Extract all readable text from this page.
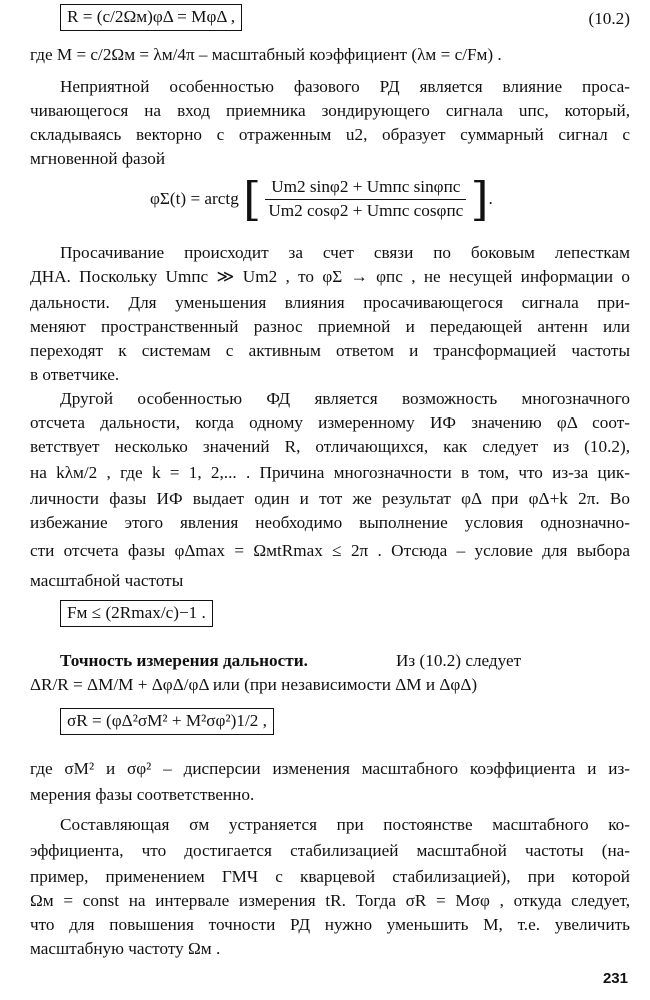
R = (c/2Ωм)φΔ = MφΔ ,	(10.2)
где M = c/2Ωм = λм/4π – масштабный коэффициент (λм = c/Fм) .
Неприятной особенностью фазового РД является влияние проса-
чивающегося на вход приемника зондирующего сигнала uпс, который,
складываясь векторно с отраженным u2, образует суммарный сигнал с
мгновенной фазой
φΣ(t) = arctg [ $\frac{\text{Um2 sinφ2 + Umпс sinφпс}}{\text{Um2 cosφ2 + Umпс cosφпс}}$ ].
Просачивание происходит за счет связи по боковым лепесткам
ДНА. Поскольку Umпс ≫ Um2 , то φΣ → φпс , не несущей информации о
дальности. Для уменьшения влияния просачивающегося сигнала при-
меняют пространственный разнос приемной и передающей антенн или
переходят к системам с активным ответом и трансформацией частоты
в ответчике.
Другой особенностью ФД является возможность многозначного
отсчета дальности, когда одному измеренному ИФ значению φΔ соот-
ветствует несколько значений R, отличающихся, как следует из (10.2),
на kλм/2 , где k = 1, 2,... . Причина многозначности в том, что из-за цик-
личности фазы ИФ выдает один и тот же результат φΔ при φΔ+k 2π. Во
избежание этого явления необходимо выполнение условия однозначно-
сти отсчета фазы φΔmax = ΩмtRmax ≤ 2π . Отсюда – условие для выбора
масштабной частоты
Fм ≤ (2Rmax/c)−1 .
Точность измерения дальности.	Из (10.2) следует
ΔR/R = ΔM/M + ΔφΔ/φΔ или (при независимости ΔM и ΔφΔ)
σR = (φΔ²σM² + M²σφ²)1/2 ,
где σM² и σφ² – дисперсии изменения масштабного коэффициента и из-
мерения фазы соответственно.
Составляющая σм устраняется при постоянстве масштабного ко-
эффициента, что достигается стабилизацией масштабной частоты (на-
пример, применением ГМЧ с кварцевой стабилизацией), при которой
Ωм = const на интервале измерения tR. Тогда σR = Mσφ , откуда следует,
что для повышения точности РД нужно уменьшить M, т.е. увеличить
масштабную частоту Ωм .
231
